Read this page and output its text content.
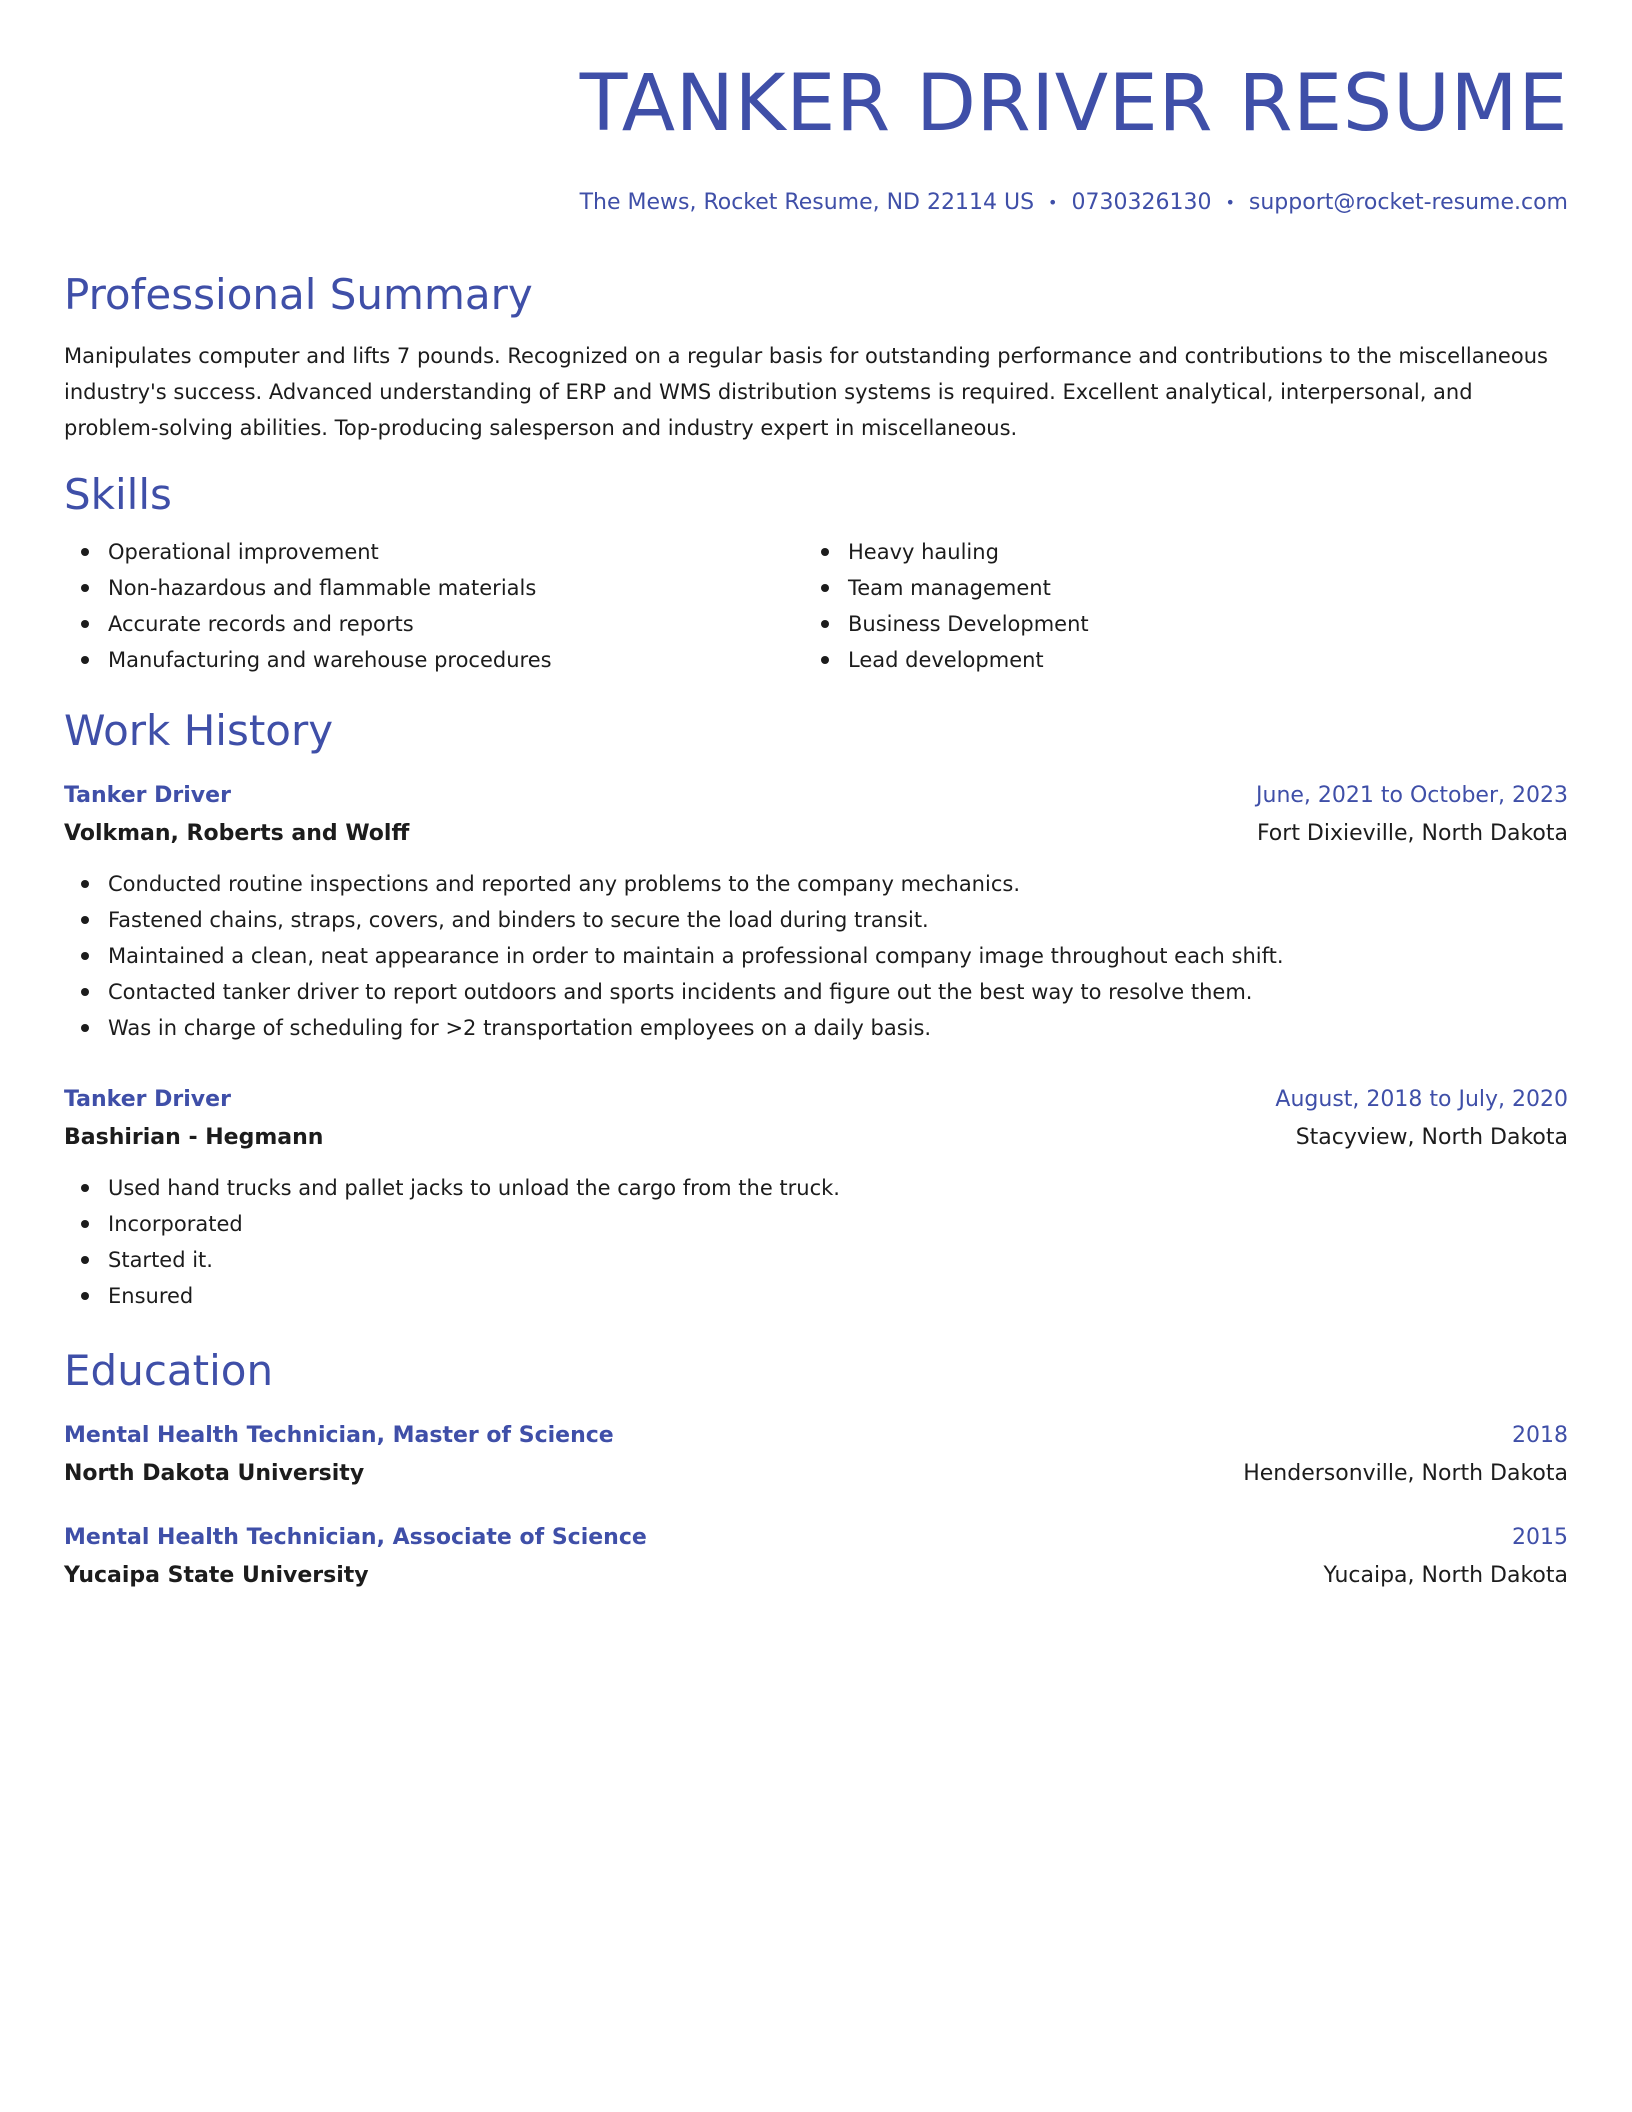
TANKER DRIVER RESUME
The Mews, Rocket Resume, ND 22114 US • 0730326130 • support@rocket-resume.com
Professional Summary

Manipulates computer and lifts 7 pounds. Recognized on a regular basis for outstanding performance and contributions to the miscellaneous industry's success. Advanced understanding of ERP and WMS distribution systems is required. Excellent analytical, interpersonal, and problem-solving abilities. Top-producing salesperson and industry expert in miscellaneous.

Skills
Operational improvement
Non-hazardous and flammable materials
Accurate records and reports
Manufacturing and warehouse procedures
Heavy hauling
Team management
Business Development
Lead development
Work History
Tanker Driver	June, 2021 to October, 2023
Volkman, Roberts and Wolff	Fort Dixieville, North Dakota
Conducted routine inspections and reported any problems to the company mechanics.
Fastened chains, straps, covers, and binders to secure the load during transit.
Maintained a clean, neat appearance in order to maintain a professional company image throughout each shift.
Contacted tanker driver to report outdoors and sports incidents and figure out the best way to resolve them.
Was in charge of scheduling for >2 transportation employees on a daily basis.
Tanker Driver	August, 2018 to July, 2020
Bashirian - Hegmann	Stacyview, North Dakota
Used hand trucks and pallet jacks to unload the cargo from the truck.
Incorporated
Started it.
Ensured
Education
Mental Health Technician, Master of Science	2018
North Dakota University	Hendersonville, North Dakota
Mental Health Technician, Associate of Science	2015
Yucaipa State University	Yucaipa, North Dakota
